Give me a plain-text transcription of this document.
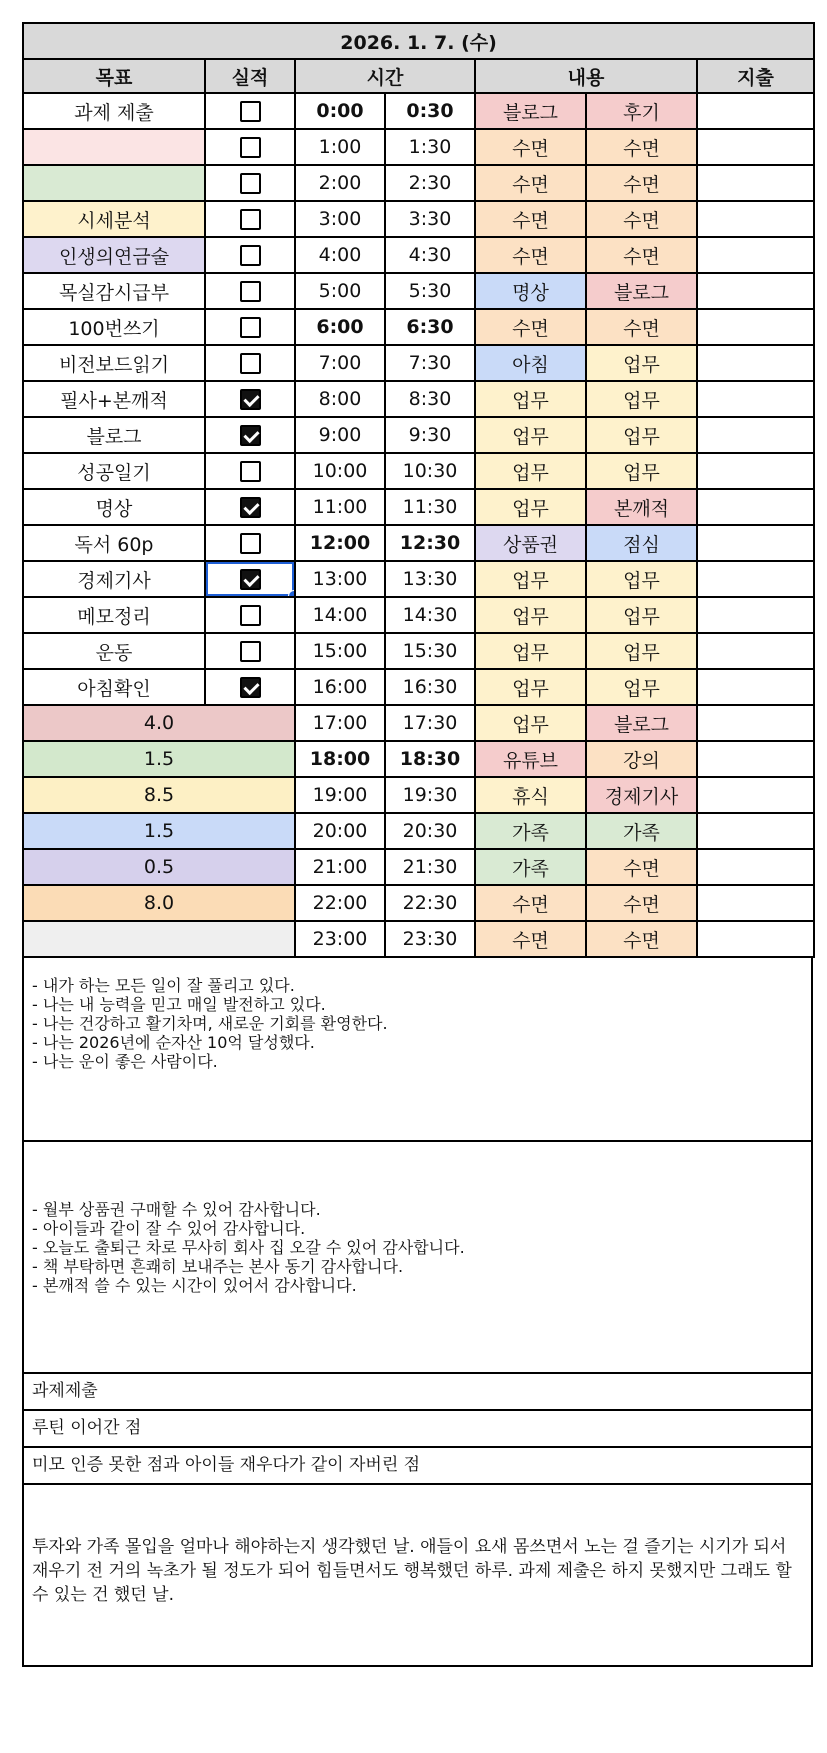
2026. 1. 7. (수)						
목표	실적	시간		내용		지출
과제 제출		0:00	0:30	블로그	후기	
		1:00	1:30	수면	수면	
		2:00	2:30	수면	수면	
시세분석		3:00	3:30	수면	수면	
인생의연금술		4:00	4:30	수면	수면	
목실감시급부		5:00	5:30	명상	블로그	
100번쓰기		6:00	6:30	수면	수면	
비전보드읽기		7:00	7:30	아침	업무	
필사+본깨적		8:00	8:30	업무	업무	
블로그		9:00	9:30	업무	업무	
성공일기		10:00	10:30	업무	업무	
명상		11:00	11:30	업무	본깨적	
독서 60p		12:00	12:30	상품권	점심	
경제기사		13:00	13:30	업무	업무	
메모정리		14:00	14:30	업무	업무	
운동		15:00	15:30	업무	업무	
아침확인		16:00	16:30	업무	업무	
4.0		17:00	17:30	업무	블로그	
1.5		18:00	18:30	유튜브	강의	
8.5		19:00	19:30	휴식	경제기사	
1.5		20:00	20:30	가족	가족	
0.5		21:00	21:30	가족	수면	
8.0		22:00	22:30	수면	수면	
		23:00	23:30	수면	수면	
- 내가 하는 모든 일이 잘 풀리고 있다.
- 나는 내 능력을 믿고 매일 발전하고 있다.
- 나는 건강하고 활기차며, 새로운 기회를 환영한다.
- 나는 2026년에 순자산 10억 달성했다.
- 나는 운이 좋은 사람이다.
- 월부 상품권 구매할 수 있어 감사합니다.
- 아이들과 같이 잘 수 있어 감사합니다.
- 오늘도 출퇴근 차로 무사히 회사 집 오갈 수 있어 감사합니다.
- 책 부탁하면 흔쾌히 보내주는 본사 동기 감사합니다.
- 본깨적 쓸 수 있는 시간이 있어서 감사합니다.
과제제출
루틴 이어간 점
미모 인증 못한 점과 아이들 재우다가 같이 자버린 점
투자와 가족 몰입을 얼마나 해야하는지 생각했던 날. 애들이 요새 몸쓰면서 노는 걸 즐기는 시기가 되서 재우기 전 거의 녹초가 될 정도가 되어 힘들면서도 행복했던 하루. 과제 제출은 하지 못했지만 그래도 할 수 있는 건 했던 날.
